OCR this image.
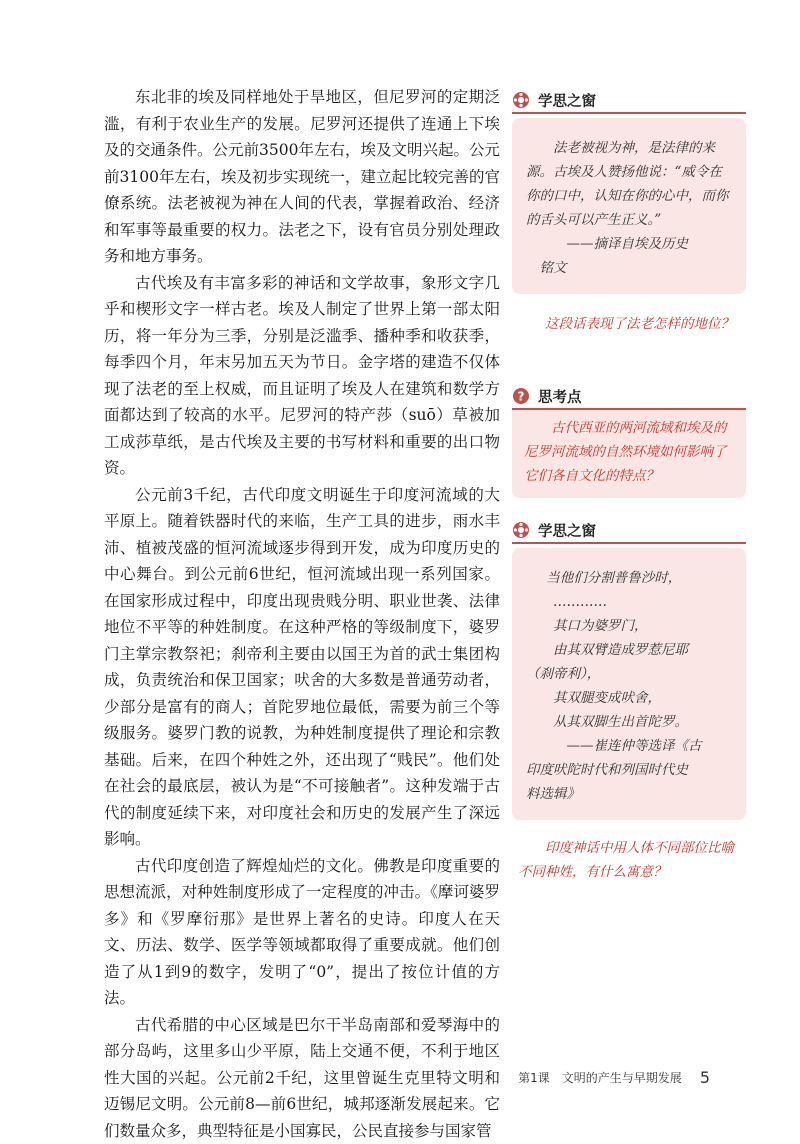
东北非的埃及同样地处于旱地区，但尼罗河的定期泛滥，有利于农业生产的发展。尼罗河还提供了连通上下埃及的交通条件。公元前3500年左右，埃及文明兴起。公元前3100年左右，埃及初步实现统一，建立起比较完善的官僚系统。法老被视为神在人间的代表，掌握着政治、经济和军事等最重要的权力。法老之下，设有官员分别处理政务和地方事务。

古代埃及有丰富多彩的神话和文学故事，象形文字几乎和楔形文字一样古老。埃及人制定了世界上第一部太阳历，将一年分为三季，分别是泛滥季、播种季和收获季，每季四个月，年末另加五天为节日。金字塔的建造不仅体现了法老的至上权威，而且证明了埃及人在建筑和数学方面都达到了较高的水平。尼罗河的特产莎（suō）草被加工成莎草纸，是古代埃及主要的书写材料和重要的出口物资。

公元前3千纪，古代印度文明诞生于印度河流域的大平原上。随着铁器时代的来临，生产工具的进步，雨水丰沛、植被茂盛的恒河流域逐步得到开发，成为印度历史的中心舞台。到公元前6世纪，恒河流域出现一系列国家。在国家形成过程中，印度出现贵贱分明、职业世袭、法律地位不平等的种姓制度。在这种严格的等级制度下，婆罗门主掌宗教祭祀；刹帝利主要由以国王为首的武士集团构成，负责统治和保卫国家；吠舍的大多数是普通劳动者，少部分是富有的商人；首陀罗地位最低，需要为前三个等级服务。婆罗门教的说教，为种姓制度提供了理论和宗教基础。后来，在四个种姓之外，还出现了“贱民”。他们处在社会的最底层，被认为是“不可接触者”。这种发端于古代的制度延续下来，对印度社会和历史的发展产生了深远影响。

古代印度创造了辉煌灿烂的文化。佛教是印度重要的思想流派，对种姓制度形成了一定程度的冲击。《摩诃婆罗多》和《罗摩衍那》是世界上著名的史诗。印度人在天文、历法、数学、医学等领域都取得了重要成就。他们创造了从1到9的数字，发明了“0”，提出了按位计值的方法。

古代希腊的中心区域是巴尔干半岛南部和爱琴海中的部分岛屿，这里多山少平原，陆上交通不便，不利于地区性大国的兴起。公元前2千纪，这里曾诞生克里特文明和迈锡尼文明。公元前8—前6世纪，城邦逐渐发展起来。它们数量众多，典型特征是小国寡民，公民直接参与国家管

学思之窗

法老被视为神，是法律的来源。古埃及人赞扬他说：“威令在你的口中，认知在你的心中，而你的舌头可以产生正义。”

——摘译自埃及历史

铭文

这段话表现了法老怎样的地位？

? 思考点
古代西亚的两河流域和埃及的尼罗河流域的自然环境如何影响了它们各自文化的特点？
学思之窗

当他们分割普鲁沙时，

…………

其口为婆罗门，

由其双臂造成罗惹尼耶

（刹帝利），

其双腿变成吠舍，

从其双脚生出首陀罗。

——崔连仲等选译《古

印度吠陀时代和列国时代史

料选辑》

印度神话中用人体不同部位比喻不同种姓，有什么寓意？

第1课　文明的产生与早期发展 5
